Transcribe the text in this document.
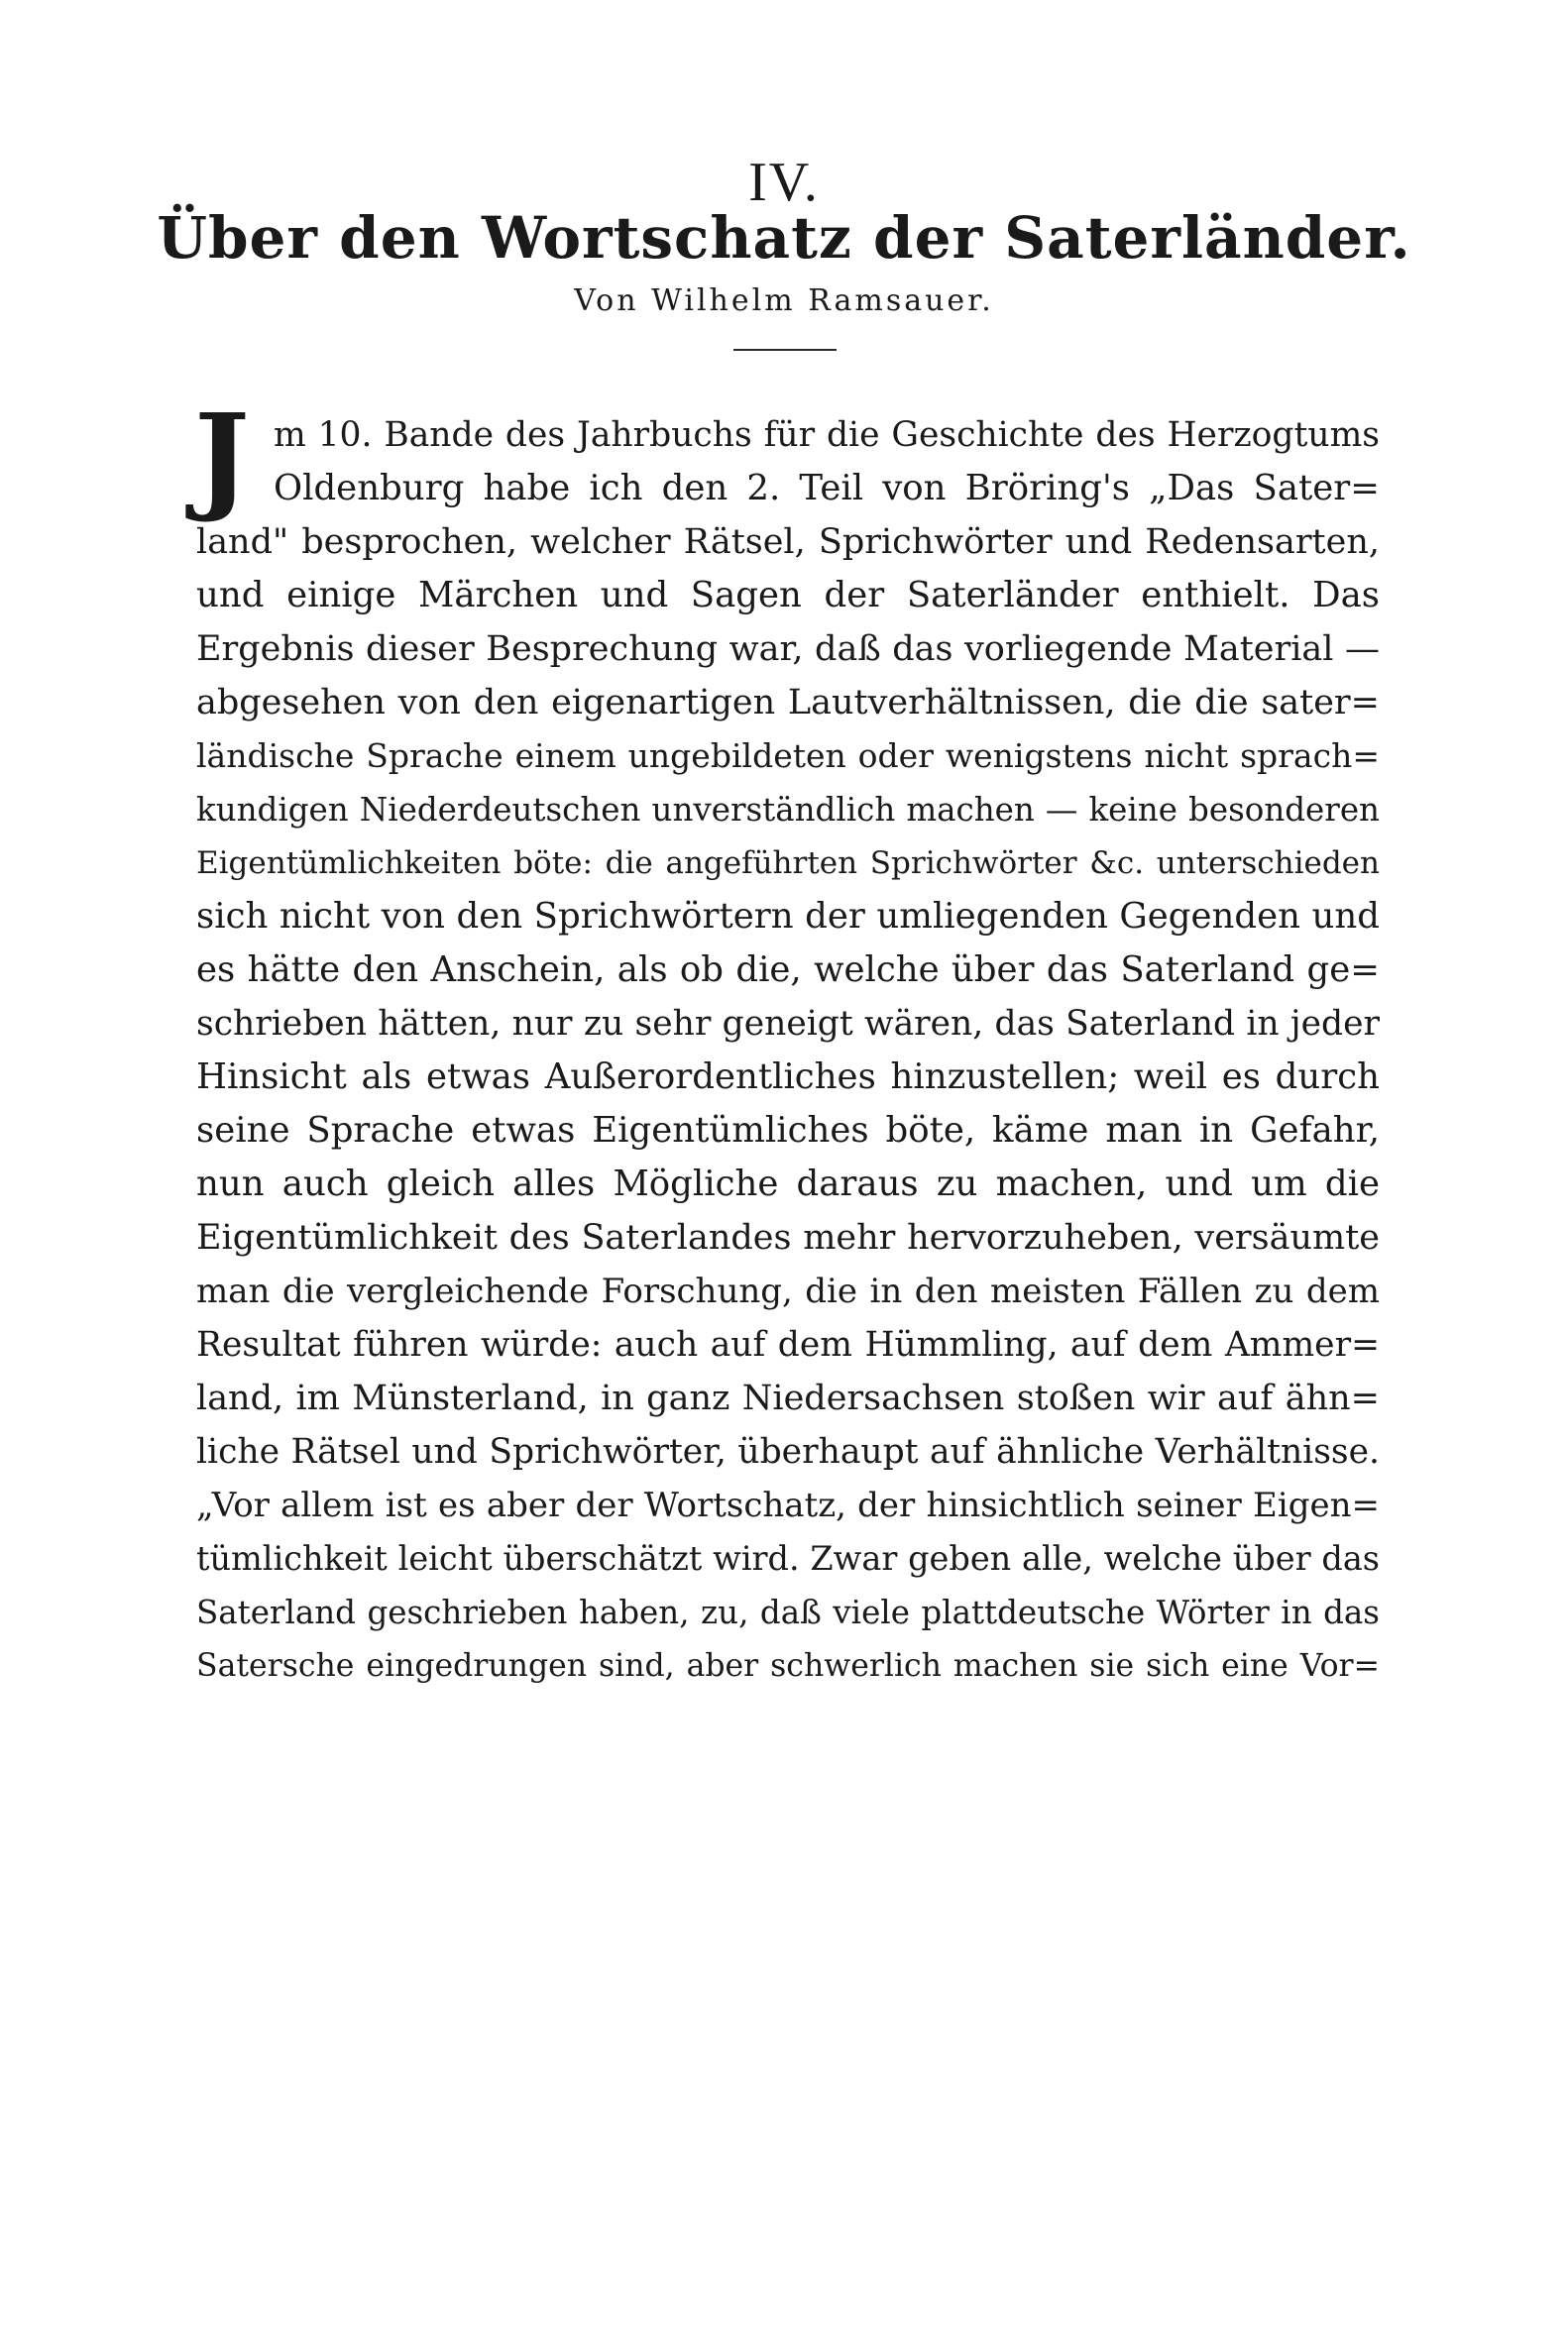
IV.
Über den Wortschatz der Saterländer.
Von Wilhelm Ramsauer.
J m 10. Bande des Jahrbuchs für die Geschichte des Herzogtums
Oldenburg habe ich den 2. Teil von Bröring's „Das Sater=
land" besprochen, welcher Rätsel, Sprichwörter und Redensarten,
und einige Märchen und Sagen der Saterländer enthielt. Das
Ergebnis dieser Besprechung war, daß das vorliegende Material —
abgesehen von den eigenartigen Lautverhältnissen, die die sater=
ländische Sprache einem ungebildeten oder wenigstens nicht sprach=
kundigen Niederdeutschen unverständlich machen — keine besonderen
Eigentümlichkeiten böte: die angeführten Sprichwörter &c. unterschieden
sich nicht von den Sprichwörtern der umliegenden Gegenden und
es hätte den Anschein, als ob die, welche über das Saterland ge=
schrieben hätten, nur zu sehr geneigt wären, das Saterland in jeder
Hinsicht als etwas Außerordentliches hinzustellen; weil es durch
seine Sprache etwas Eigentümliches böte, käme man in Gefahr,
nun auch gleich alles Mögliche daraus zu machen, und um die
Eigentümlichkeit des Saterlandes mehr hervorzuheben, versäumte
man die vergleichende Forschung, die in den meisten Fällen zu dem
Resultat führen würde: auch auf dem Hümmling, auf dem Ammer=
land, im Münsterland, in ganz Niedersachsen stoßen wir auf ähn=
liche Rätsel und Sprichwörter, überhaupt auf ähnliche Verhältnisse.
„Vor allem ist es aber der Wortschatz, der hinsichtlich seiner Eigen=
tümlichkeit leicht überschätzt wird. Zwar geben alle, welche über das
Saterland geschrieben haben, zu, daß viele plattdeutsche Wörter in das
Satersche eingedrungen sind, aber schwerlich machen sie sich eine Vor=
